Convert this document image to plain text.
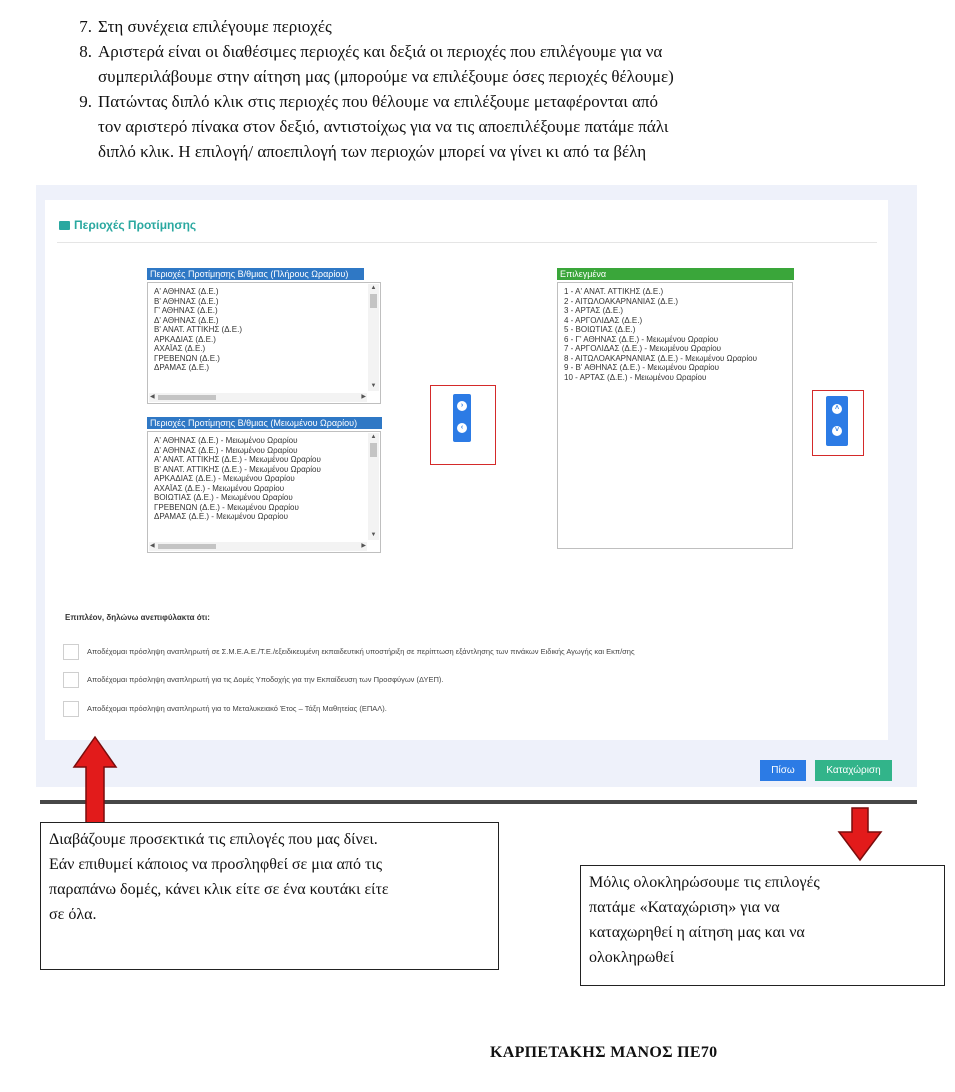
7. Στη συνέχεια επιλέγουμε περιοχές
8. Αριστερά είναι οι διαθέσιμες περιοχές και δεξιά οι περιοχές που επιλέγουμε για να
συμπεριλάβουμε στην αίτηση μας (μπορούμε να επιλέξουμε όσες περιοχές θέλουμε)
9. Πατώντας διπλό κλικ στις περιοχές που θέλουμε να επιλέξουμε μεταφέρονται από
τον αριστερό πίνακα στον δεξιό, αντιστοίχως για να τις αποεπιλέξουμε πατάμε πάλι
διπλό κλικ. Η επιλογή/ αποεπιλογή των περιοχών μπορεί να γίνει κι από τα βέλη
Περιοχές Προτίμησης
Περιοχές Προτίμησης Β/θμιας (Πλήρους Ωραρίου)
Α' ΑΘΗΝΑΣ (Δ.Ε.)
Β' ΑΘΗΝΑΣ (Δ.Ε.)
Γ' ΑΘΗΝΑΣ (Δ.Ε.)
Δ' ΑΘΗΝΑΣ (Δ.Ε.)
Β' ΑΝΑΤ. ΑΤΤΙΚΗΣ (Δ.Ε.)
ΑΡΚΑΔΙΑΣ (Δ.Ε.)
ΑΧΑΪΑΣ (Δ.Ε.)
ΓΡΕΒΕΝΩΝ (Δ.Ε.)
ΔΡΑΜΑΣ (Δ.Ε.)
▲
▼
◀	▶
Περιοχές Προτίμησης Β/θμιας (Μειωμένου Ωραρίου)
Α' ΑΘΗΝΑΣ (Δ.Ε.) - Μειωμένου Ωραρίου
Δ' ΑΘΗΝΑΣ (Δ.Ε.) - Μειωμένου Ωραρίου
Α' ΑΝΑΤ. ΑΤΤΙΚΗΣ (Δ.Ε.) - Μειωμένου Ωραρίου
Β' ΑΝΑΤ. ΑΤΤΙΚΗΣ (Δ.Ε.) - Μειωμένου Ωραρίου
ΑΡΚΑΔΙΑΣ (Δ.Ε.) - Μειωμένου Ωραρίου
ΑΧΑΪΑΣ (Δ.Ε.) - Μειωμένου Ωραρίου
ΒΟΙΩΤΙΑΣ (Δ.Ε.) - Μειωμένου Ωραρίου
ΓΡΕΒΕΝΩΝ (Δ.Ε.) - Μειωμένου Ωραρίου
ΔΡΑΜΑΣ (Δ.Ε.) - Μειωμένου Ωραρίου
▲
▼
◀	▶
›
‹
Επιλεγμένα
1 - Α' ΑΝΑΤ. ΑΤΤΙΚΗΣ (Δ.Ε.)
2 - ΑΙΤΩΛΟΑΚΑΡΝΑΝΙΑΣ (Δ.Ε.)
3 - ΑΡΤΑΣ (Δ.Ε.)
4 - ΑΡΓΟΛΙΔΑΣ (Δ.Ε.)
5 - ΒΟΙΩΤΙΑΣ (Δ.Ε.)
6 - Γ' ΑΘΗΝΑΣ (Δ.Ε.) - Μειωμένου Ωραρίου
7 - ΑΡΓΟΛΙΔΑΣ (Δ.Ε.) - Μειωμένου Ωραρίου
8 - ΑΙΤΩΛΟΑΚΑΡΝΑΝΙΑΣ (Δ.Ε.) - Μειωμένου Ωραρίου
9 - Β' ΑΘΗΝΑΣ (Δ.Ε.) - Μειωμένου Ωραρίου
10 - ΑΡΤΑΣ (Δ.Ε.) - Μειωμένου Ωραρίου
˄
˅
Επιπλέον, δηλώνω ανεπιφύλακτα ότι:
Αποδέχομαι πρόσληψη αναπληρωτή σε Σ.Μ.Ε.Α.Ε./Τ.Ε./εξειδικευμένη εκπαιδευτική υποστήριξη σε περίπτωση εξάντλησης των πινάκων Ειδικής Αγωγής και Εκπ/σης
Αποδέχομαι πρόσληψη αναπληρωτή για τις Δομές Υποδοχής για την Εκπαίδευση των Προσφύγων (ΔΥΕΠ).
Αποδέχομαι πρόσληψη αναπληρωτή για το Μεταλυκειακό Έτος – Τάξη Μαθητείας (ΕΠΑΛ).
Πίσω	Καταχώριση
Διαβάζουμε προσεκτικά τις επιλογές που μας δίνει.
Εάν επιθυμεί κάποιος να προσληφθεί σε μια από τις
παραπάνω δομές, κάνει κλικ είτε σε ένα κουτάκι είτε
σε όλα.
Μόλις ολοκληρώσουμε τις επιλογές
πατάμε «Καταχώριση» για να
καταχωρηθεί η αίτηση μας και να
ολοκληρωθεί
ΚΑΡΠΕΤΑΚΗΣ ΜΑΝΟΣ ΠΕ70
